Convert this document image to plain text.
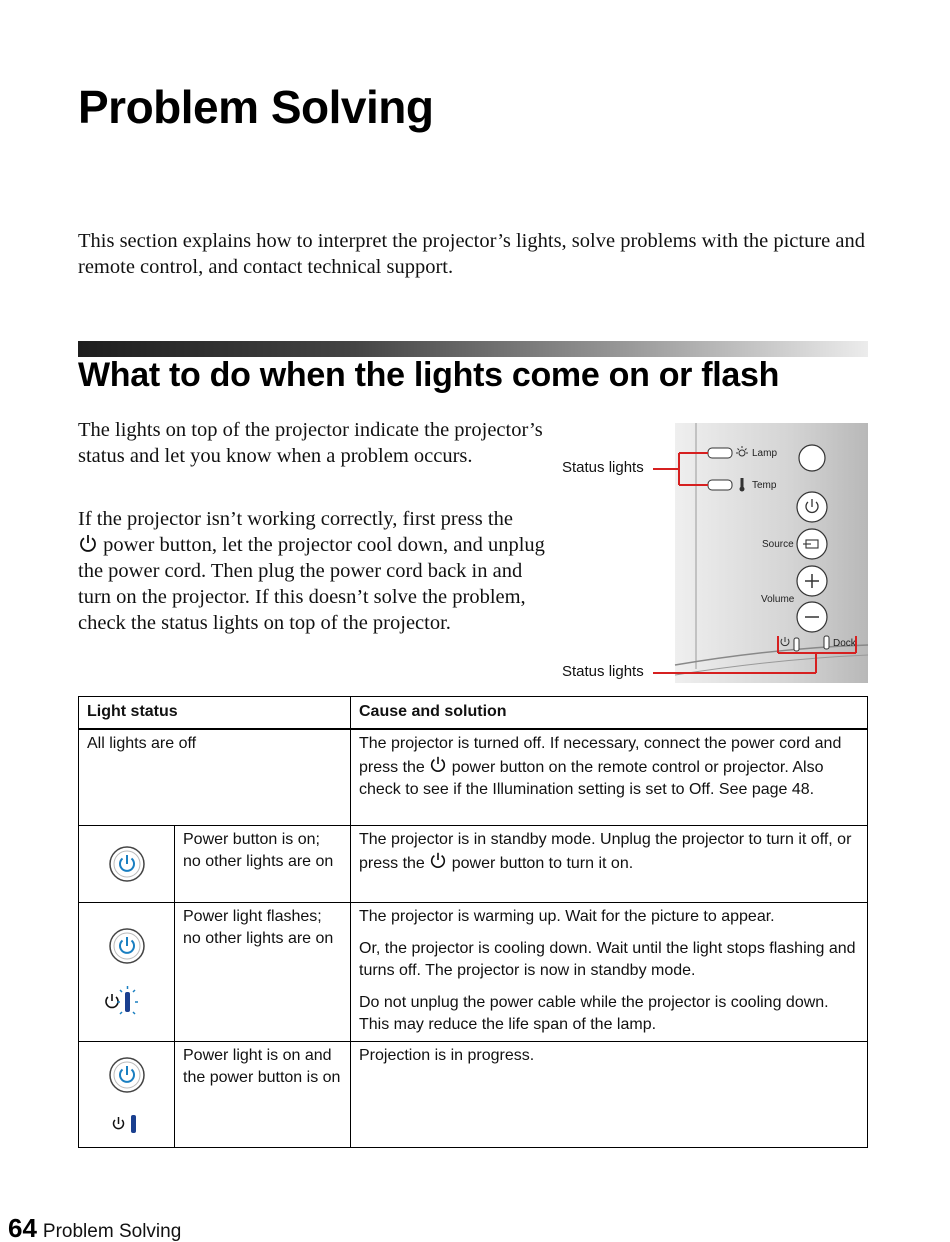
Problem Solving

This section explains how to interpret the projector’s lights, solve problems with the picture and remote control, and contact technical support.

What to do when the lights come on or flash

The lights on top of the projector indicate the projector’s status and let you know when a problem occurs.

If the projector isn’t working correctly, first press the
power button, let the projector cool down, and unplug the power cord. Then plug the power cord back in and turn on the projector. If this doesn’t solve the problem, check the status lights on top of the projector.

Status lights
Status lights
Lamp
Temp
Source
Volume
Dock
Light status		Cause and solution
All lights are off		The projector is turned off. If necessary, connect the power cord and press the power button on the remote control or projector. Also check to see if the Illumination setting is set to Off. See page 48.

	Power button is on; no other lights are on	The projector is in standby mode. Unplug the projector to turn it off, or press the power button to turn it on.

	Power light flashes; no other lights are on	The projector is warming up. Wait for the picture to appear.

Or, the projector is cooling down. Wait until the light stops flashing and turns off. The projector is now in standby mode.

Do not unplug the power cable while the projector is cooling down. This may reduce the life span of the lamp.

	Power light is on and the power button is on	Projection is in progress.
64 Problem Solving
